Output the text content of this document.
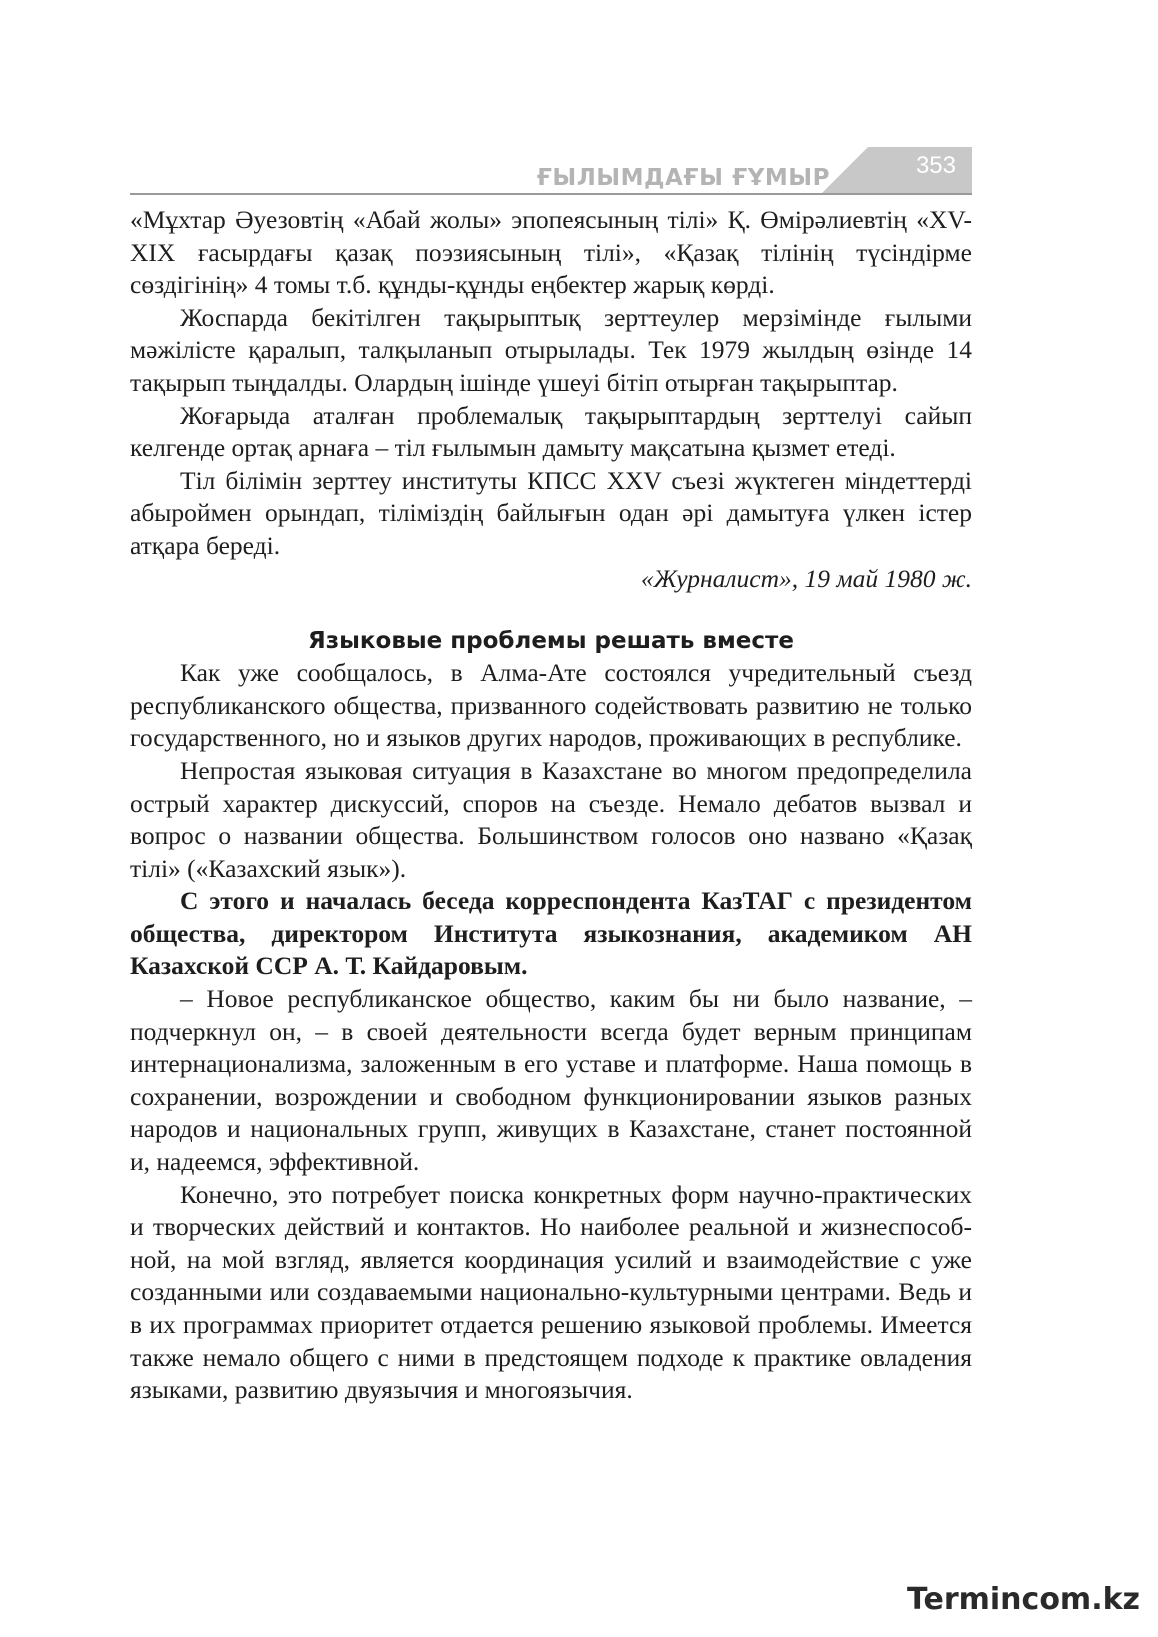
ҒЫЛЫМДАҒЫ ҒҰМЫР	353

«Мұхтар Әуезовтің «Абай жолы» эпопеясының тілі» Қ. Өмірәлиевтің «XV-XIX ғасырдағы қазақ поэзиясының тілі», «Қазақ тілінің түсіндірме сөздігінің» 4 томы т.б. құнды-құнды еңбектер жарық көрді.

Жоспарда бекітілген тақырыптық зерттеулер мерзімінде ғылыми мәжілісте қаралып, талқыланып отырылады. Тек 1979 жылдың өзінде 14 тақырып тыңдалды. Олардың ішінде үшеуі бітіп отырған тақырыптар.

Жоғарыда аталған проблемалық тақырыптардың зерттелуі сайып келгенде ортақ арнаға – тіл ғылымын дамыту мақсатына қызмет етеді.

Тіл білімін зерттеу институты КПСС XXV съезі жүктеген міндеттерді абыроймен орындап, тіліміздің байлығын одан әрі дамытуға үлкен істер атқара береді.

«Журналист», 19 май 1980 ж.

Языковые проблемы решать вместе

Как уже сообщалось, в Алма-Ате состоялся учредительный съезд республиканского общества, призванного содействовать развитию не только государственного, но и языков других народов, проживающих в республике.

Непростая языковая ситуация в Казахстане во многом предопределила острый характер дискуссий, споров на съезде. Немало дебатов вызвал и вопрос о названии общества. Большинством голосов оно названо «Қазақ тілі» («Казахский язык»).

С этого и началась беседа корреспондента КазТАГ с президентом общества, директором Института языкознания, академиком АН Казахской ССР А. Т. Кайдаровым.

– Новое республиканское общество, каким бы ни было название, – подчеркнул он, – в своей деятельности всегда будет верным принципам интернационализма, заложенным в его уставе и платформе. Наша помощь в сохранении, возрождении и свободном функционировании языков разных народов и национальных групп, живущих в Казахстане, станет постоянной и, надеемся, эффективной.

Конечно, это потребует поиска конкретных форм научно-практических и творческих действий и контактов. Но наиболее реальной и жизнеспособной, на мой взгляд, является координация усилий и взаимодействие с уже созданными или создаваемыми национально-культурными центрами. Ведь и в их программах приоритет отдается решению языковой проблемы. Имеется также немало общего с ними в предстоящем подходе к практике овладения языками, развитию двуязычия и многоязычия.

Termincom.kz
